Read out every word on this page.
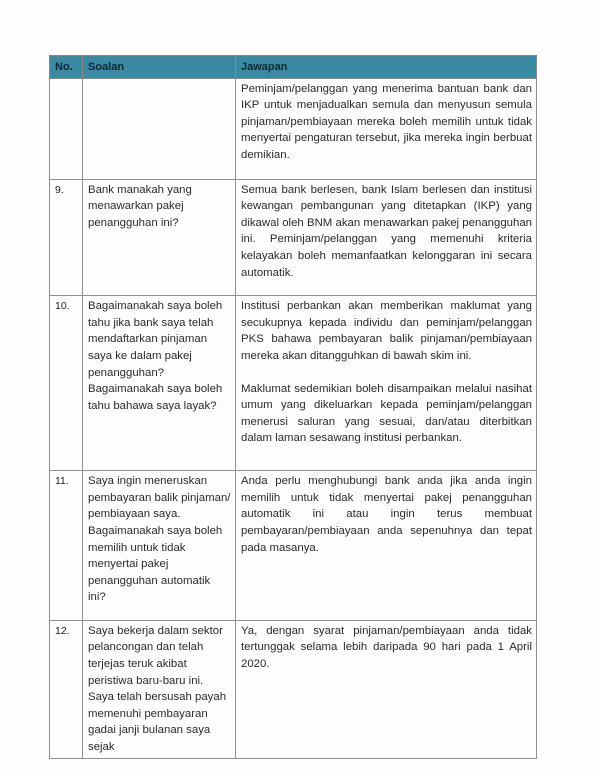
No.	Soalan	Jawapan

		Peminjam/pelanggan yang menerima bantuan bank dan IKP untuk menjadualkan semula dan menyusun semula pinjaman/pembiayaan mereka boleh memilih untuk tidak menyertai pengaturan tersebut, jika mereka ingin berbuat demikian.

9.	Bank manakah yang menawarkan pakej penangguhan ini?	Semua bank berlesen, bank Islam berlesen dan institusi kewangan pembangunan yang ditetapkan (IKP) yang dikawal oleh BNM akan menawarkan pakej penangguhan ini. Peminjam/pelanggan yang memenuhi kriteria kelayakan boleh memanfaatkan kelonggaran ini secara automatik.

10.	Bagaimanakah saya boleh tahu jika bank saya telah mendaftarkan pinjaman saya ke dalam pakej penangguhan? Bagaimanakah saya boleh tahu bahawa saya layak?	Institusi perbankan akan memberikan maklumat yang secukupnya kepada individu dan peminjam/pelanggan PKS bahawa pembayaran balik pinjaman/pembiayaan mereka akan ditangguhkan di bawah skim ini.

Maklumat sedemikian boleh disampaikan melalui nasihat umum yang dikeluarkan kepada peminjam/pelanggan menerusi saluran yang sesuai, dan/atau diterbitkan dalam laman sesawang institusi perbankan.

11.	Saya ingin meneruskan pembayaran balik pinjaman/ pembiayaan saya. Bagaimanakah saya boleh memilih untuk tidak menyertai pakej penangguhan automatik ini?	Anda perlu menghubungi bank anda jika anda ingin memilih untuk tidak menyertai pakej penangguhan automatik ini atau ingin terus membuat pembayaran/pembiayaan anda sepenuhnya dan tepat pada masanya.

12.	Saya bekerja dalam sektor pelancongan dan telah terjejas teruk akibat peristiwa baru-baru ini. Saya telah bersusah payah memenuhi pembayaran gadai janji bulanan saya sejak	Ya, dengan syarat pinjaman/pembiayaan anda tidak tertunggak selama lebih daripada 90 hari pada 1 April 2020.
